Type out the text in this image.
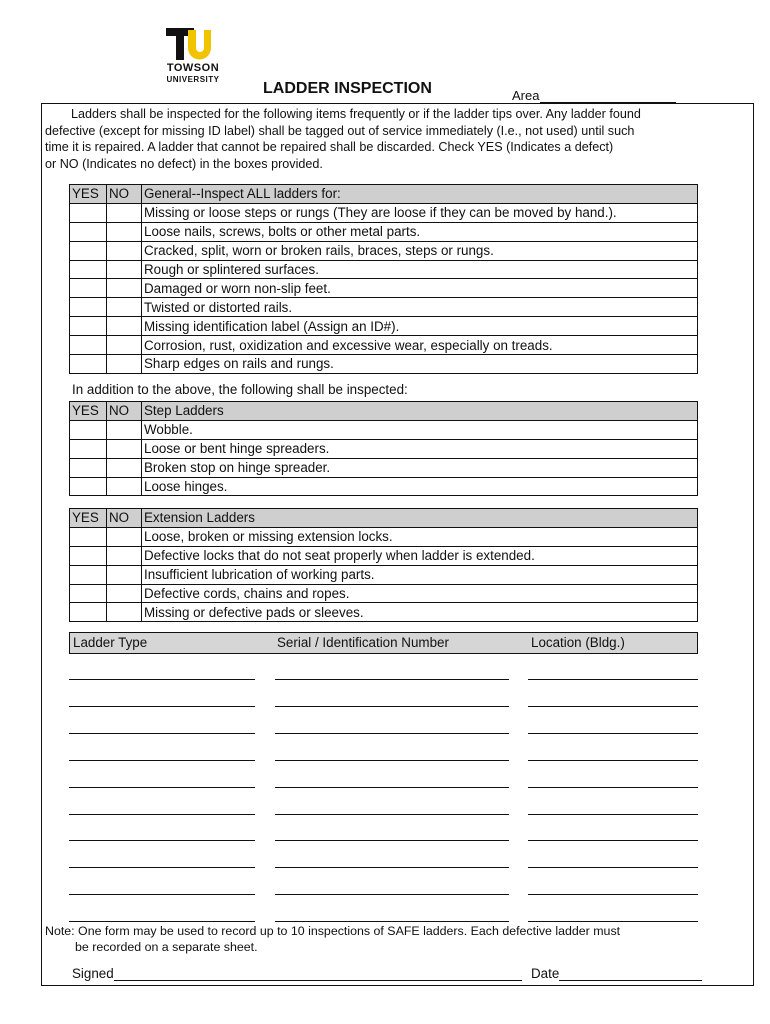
TOWSON
UNIVERSITY
LADDER INSPECTION	Area

Ladders shall be inspected for the following items frequently or if the ladder tips over. Any ladder found

defective (except for missing ID label) shall be tagged out of service immediately (I.e., not used) until such

time it is repaired. A ladder that cannot be repaired shall be discarded. Check YES (Indicates a defect)

or NO (Indicates no defect) in the boxes provided.

YES	NO	General--Inspect ALL ladders for:
		Missing or loose steps or rungs (They are loose if they can be moved by hand.).
		Loose nails, screws, bolts or other metal parts.
		Cracked, split, worn or broken rails, braces, steps or rungs.
		Rough or splintered surfaces.
		Damaged or worn non-slip feet.
		Twisted or distorted rails.
		Missing identification label (Assign an ID#).
		Corrosion, rust, oxidization and excessive wear, especially on treads.
		Sharp edges on rails and rungs.
In addition to the above, the following shall be inspected:
YES	NO	Step Ladders
		Wobble.
		Loose or bent hinge spreaders.
		Broken stop on hinge spreader.
		Loose hinges.
YES	NO	Extension Ladders
		Loose, broken or missing extension locks.
		Defective locks that do not seat properly when ladder is extended.
		Insufficient lubrication of working parts.
		Defective cords, chains and ropes.
		Missing or defective pads or sleeves.
Ladder Type	Serial / Identification Number	Location (Bldg.)

Note: One form may be used to record up to 10 inspections of SAFE ladders. Each defective ladder must

be recorded on a separate sheet.

Signed	Date
